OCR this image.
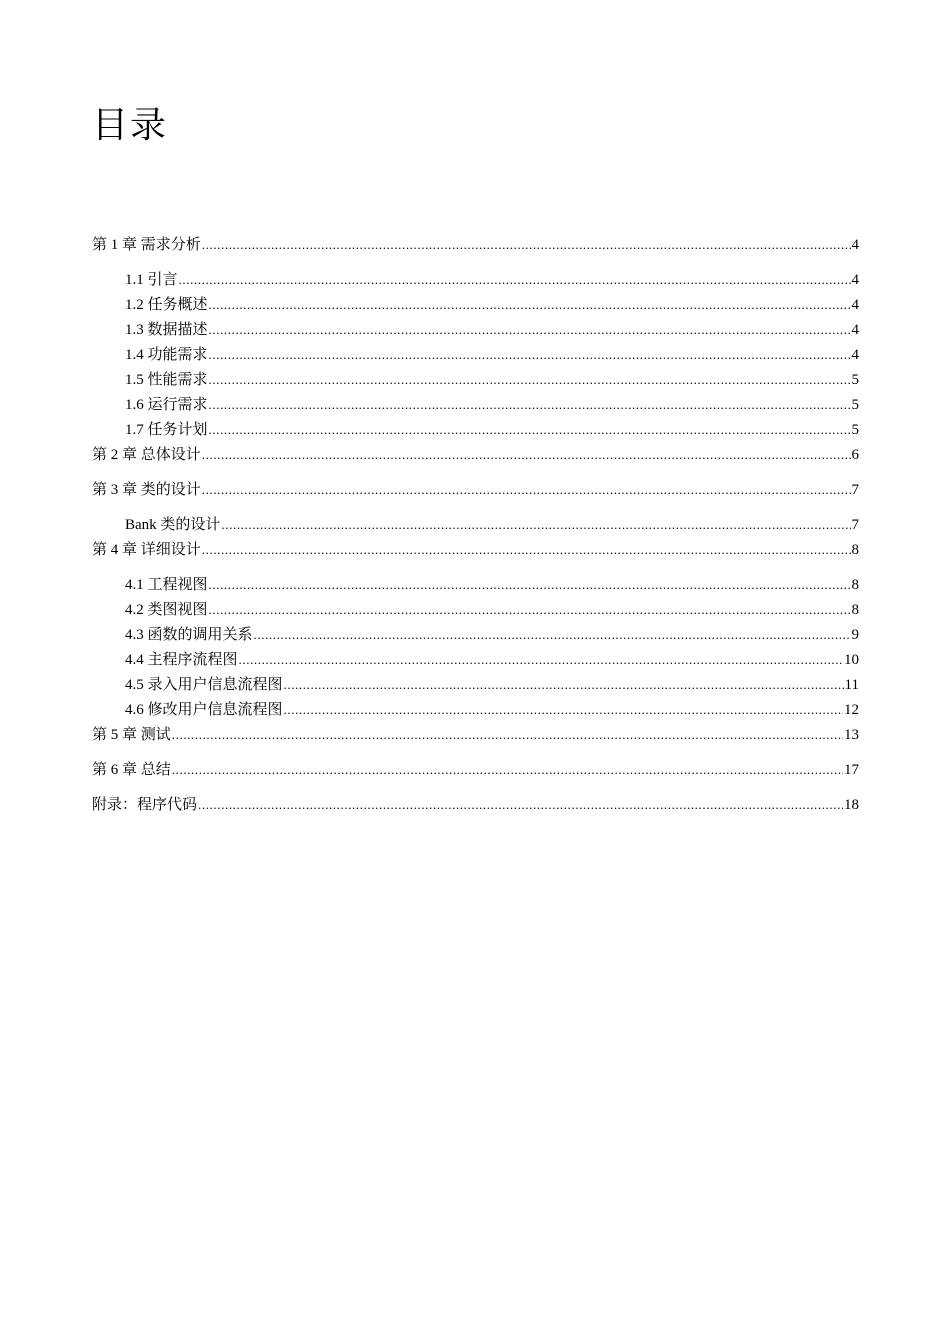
目录
第 1 章 需求分析 .....	4
1.1 引言 .....	4
1.2 任务概述 .....	4
1.3 数据描述 .....	4
1.4 功能需求 .....	4
1.5 性能需求 .....	5
1.6 运行需求 .....	5
1.7 任务计划 .....	5
第 2 章 总体设计 .....	6
第 3 章 类的设计 .....	7
Bank 类的设计 .....	7
第 4 章 详细设计 .....	8
4.1 工程视图 .....	8
4.2 类图视图 .....	8
4.3 函数的调用关系 .....	9
4.4 主程序流程图 .....	10
4.5 录入用户信息流程图 .....	11
4.6 修改用户信息流程图 .....	12
第 5 章 测试 .....	13
第 6 章 总结 .....	17
附录：程序代码 .....	18
